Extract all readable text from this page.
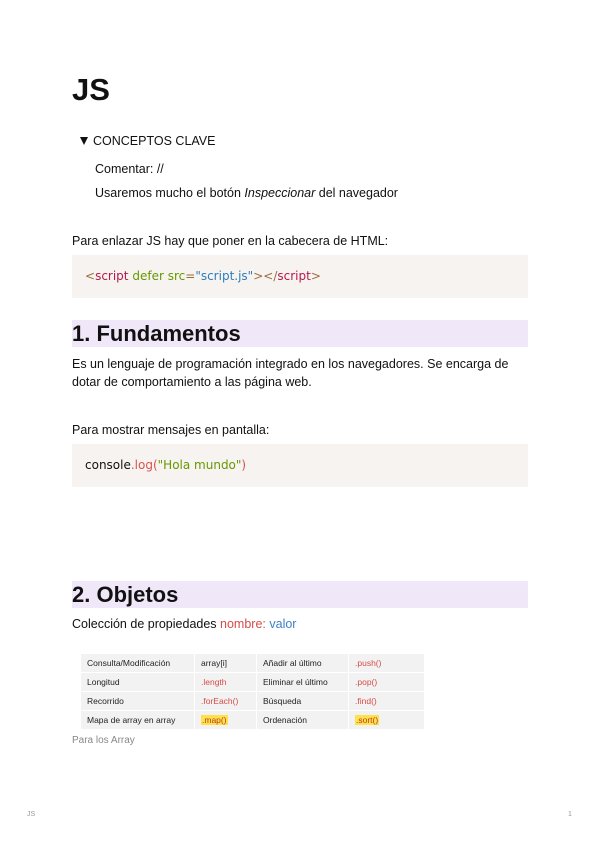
JS
CONCEPTOS CLAVE
Comentar: //
Usaremos mucho el botón Inspeccionar del navegador
Para enlazar JS hay que poner en la cabecera de HTML:
<script defer src="script.js"></script>
1. Fundamentos
Es un lenguaje de programación integrado en los navegadores. Se encarga de dotar de comportamiento a las página web.
Para mostrar mensajes en pantalla:
console.log("Hola mundo")
2. Objetos
Colección de propiedades nombre: valor
Consulta/Modificación	array[i]	Añadir al último	.push()
Longitud	.length	Eliminar el último	.pop()
Recorrido	.forEach()	Búsqueda	.find()
Mapa de array en array	.map()	Ordenación	.sort()
Para los Array
JS	1
